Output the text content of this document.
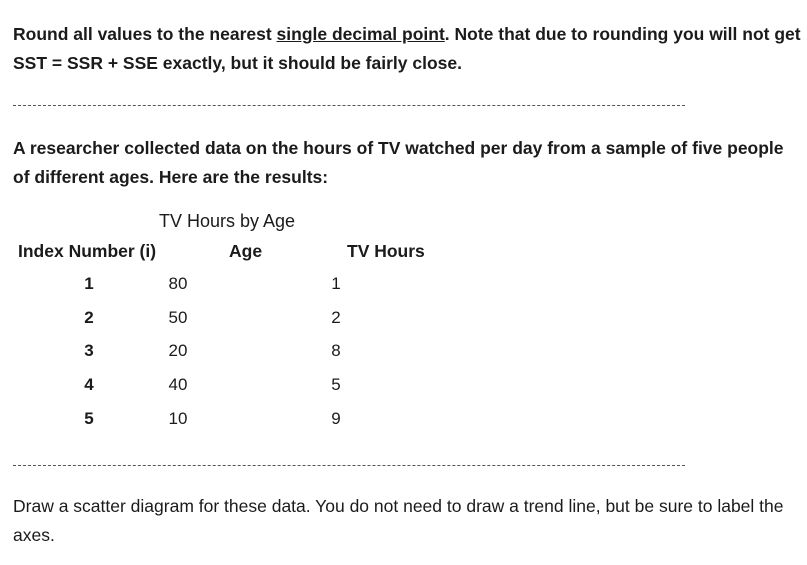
Round all values to the nearest single decimal point. Note that due to rounding you will not get SST = SSR + SSE exactly, but it should be fairly close.

A researcher collected data on the hours of TV watched per day from a sample of five people of different ages. Here are the results:

TV Hours by Age
Index Number (i)	Age	TV Hours
1	80	1
2	50	2
3	20	8
4	40	5
5	10	9

Draw a scatter diagram for these data. You do not need to draw a trend line, but be sure to label the axes.
